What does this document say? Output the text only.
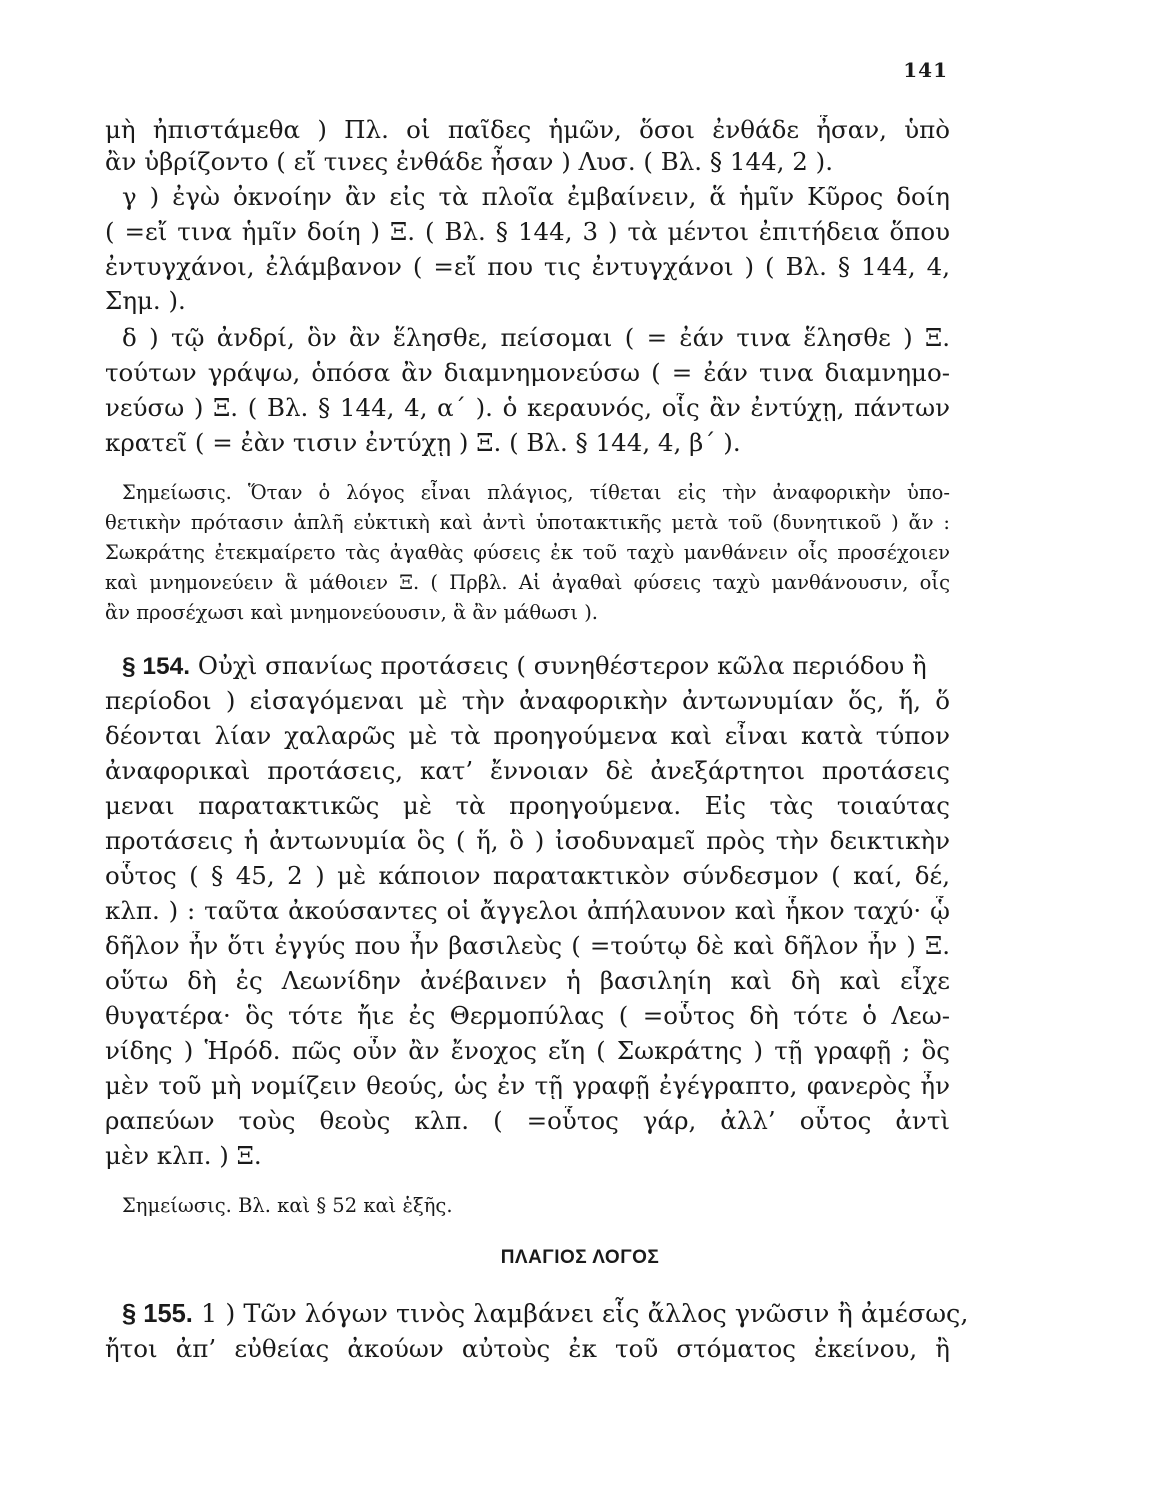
141
μὴ ἠπιστάμεθα ) Πλ. οἱ παῖδες ἡμῶν, ὅσοι ἐνθάδε ἦσαν, ὑπὸ
ἂν ὑβρίζοντο ( εἴ τινες ἐνθάδε ἦσαν ) Λυσ. ( Βλ. § 144, 2 ).
γ ) ἐγὼ ὀκνοίην ἂν εἰς τὰ πλοῖα ἐμβαίνειν, ἅ ἡμῖν Κῦρος δοίη
( =εἴ τινα ἡμῖν δοίη ) Ξ. ( Βλ. § 144, 3 ) τὰ μέντοι ἐπιτήδεια ὅπου
ἐντυγχάνοι, ἐλάμβανον ( =εἴ που τις ἐντυγχάνοι ) ( Βλ. § 144, 4,
Σημ. ).
δ ) τῷ ἀνδρί, ὃν ἂν ἕλησθε, πείσομαι ( = ἐάν τινα ἕλησθε ) Ξ.
τούτων γράψω, ὁπόσα ἂν διαμνημονεύσω ( = ἐάν τινα διαμνημο-
νεύσω ) Ξ. ( Βλ. § 144, 4, α΄ ). ὁ κεραυνός, οἷς ἂν ἐντύχῃ, πάντων
κρατεῖ ( = ἐὰν τισιν ἐντύχῃ ) Ξ. ( Βλ. § 144, 4, β΄ ).
Σημείωσις. Ὅταν ὁ λόγος εἶναι πλάγιος, τίθεται εἰς τὴν ἀναφορικὴν ὑπο-
θετικὴν πρότασιν ἁπλῆ εὐκτικὴ καὶ ἀντὶ ὑποτακτικῆς μετὰ τοῦ (δυνητικοῦ ) ἄν :
Σωκράτης ἐτεκμαίρετο τὰς ἀγαθὰς φύσεις ἐκ τοῦ ταχὺ μανθάνειν οἷς προσέχοιεν
καὶ μνημονεύειν ἃ μάθοιεν Ξ. ( Πρβλ. Αἱ ἀγαθαὶ φύσεις ταχὺ μανθάνουσιν, οἷς
ἂν προσέχωσι καὶ μνημονεύουσιν, ἃ ἂν μάθωσι ).
§ 154. Οὐχὶ σπανίως προτάσεις ( συνηθέστερον κῶλα περιόδου ἢ
περίοδοι ) εἰσαγόμεναι μὲ τὴν ἀναφορικὴν ἀντωνυμίαν ὅς, ἥ, ὅ
δέονται λίαν χαλαρῶς μὲ τὰ προηγούμενα καὶ εἶναι κατὰ τύπον
ἀναφορικαὶ προτάσεις, κατ’ ἔννοιαν δὲ ἀνεξάρτητοι προτάσεις
μεναι παρατακτικῶς μὲ τὰ προηγούμενα. Εἰς τὰς τοιαύτας
προτάσεις ἡ ἀντωνυμία ὃς ( ἥ, ὃ ) ἰσοδυναμεῖ πρὸς τὴν δεικτικὴν
οὗτος ( § 45, 2 ) μὲ κάποιον παρατακτικὸν σύνδεσμον ( καί, δέ,
κλπ. ) : ταῦτα ἀκούσαντες οἱ ἄγγελοι ἀπήλαυνον καὶ ἧκον ταχύ· ᾧ
δῆλον ἦν ὅτι ἐγγύς που ἦν βασιλεὺς ( =τούτῳ δὲ καὶ δῆλον ἦν ) Ξ.
οὕτω δὴ ἐς Λεωνίδην ἀνέβαινεν ἡ βασιληίη καὶ δὴ καὶ εἶχε
θυγατέρα· ὃς τότε ἤιε ἐς Θερμοπύλας ( =οὗτος δὴ τότε ὁ Λεω-
νίδης ) Ἡρόδ. πῶς οὖν ἂν ἔνοχος εἴη ( Σωκράτης ) τῇ γραφῇ ; ὃς
μὲν τοῦ μὴ νομίζειν θεούς, ὡς ἐν τῇ γραφῇ ἐγέγραπτο, φανερὸς ἦν
ραπεύων τοὺς θεοὺς κλπ. ( =οὗτος γάρ, ἀλλ’ οὗτος ἀντὶ
μὲν κλπ. ) Ξ.
Σημείωσις. Βλ. καὶ § 52 καὶ ἑξῆς.
ΠΛΑΓΙΟΣ ΛΟΓΟΣ
§ 155. 1 ) Τῶν λόγων τινὸς λαμβάνει εἷς ἄλλος γνῶσιν ἢ ἀμέσως,
ἤτοι ἀπ’ εὐθείας ἀκούων αὐτοὺς ἐκ τοῦ στόματος ἐκείνου, ἢ
